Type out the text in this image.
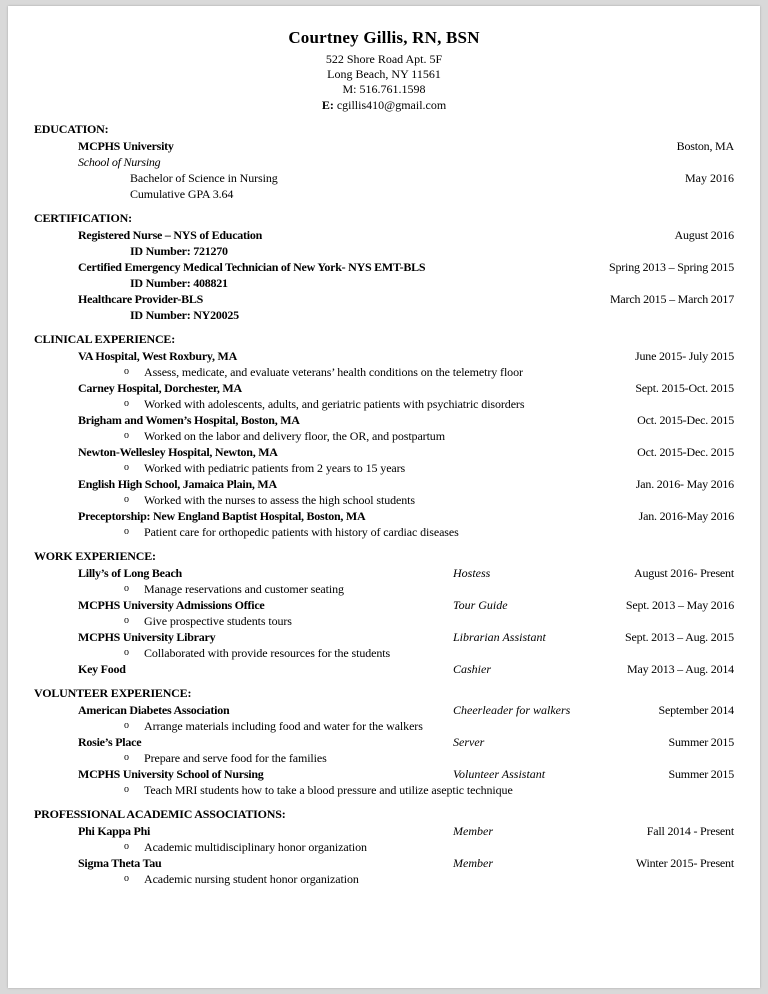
Courtney Gillis, RN, BSN
522 Shore Road Apt. 5F
Long Beach, NY 11561
M: 516.761.1598
E: cgillis410@gmail.com
EDUCATION:
MCPHS University	Boston, MA
School of Nursing
Bachelor of Science in Nursing	May 2016
Cumulative GPA 3.64
CERTIFICATION:
Registered Nurse – NYS of Education	August 2016
ID Number: 721270
Certified Emergency Medical Technician of New York- NYS EMT-BLS	Spring 2013 – Spring 2015
ID Number: 408821
Healthcare Provider-BLS	March 2015 – March 2017
ID Number: NY20025
CLINICAL EXPERIENCE:
VA Hospital, West Roxbury, MA	June 2015- July 2015
o	Assess, medicate, and evaluate veterans’ health conditions on the telemetry floor
Carney Hospital, Dorchester, MA	Sept. 2015-Oct. 2015
o	Worked with adolescents, adults, and geriatric patients with psychiatric disorders
Brigham and Women’s Hospital, Boston, MA	Oct. 2015-Dec. 2015
o	Worked on the labor and delivery floor, the OR, and postpartum
Newton-Wellesley Hospital, Newton, MA	Oct. 2015-Dec. 2015
o	Worked with pediatric patients from 2 years to 15 years
English High School, Jamaica Plain, MA	Jan. 2016- May 2016
o	Worked with the nurses to assess the high school students
Preceptorship: New England Baptist Hospital, Boston, MA	Jan. 2016-May 2016
o	Patient care for orthopedic patients with history of cardiac diseases
WORK EXPERIENCE:
Lilly’s of Long Beach	Hostess	August 2016- Present
o	Manage reservations and customer seating
MCPHS University Admissions Office	Tour Guide	Sept. 2013 – May 2016
o	Give prospective students tours
MCPHS University Library	Librarian Assistant	Sept. 2013 – Aug. 2015
o	Collaborated with provide resources for the students
Key Food	Cashier	May 2013 – Aug. 2014
VOLUNTEER EXPERIENCE:
American Diabetes Association	Cheerleader for walkers	September 2014
o	Arrange materials including food and water for the walkers
Rosie’s Place	Server	Summer 2015
o	Prepare and serve food for the families
MCPHS University School of Nursing	Volunteer Assistant	Summer 2015
o	Teach MRI students how to take a blood pressure and utilize aseptic technique
PROFESSIONAL ACADEMIC ASSOCIATIONS:
Phi Kappa Phi	Member	Fall 2014 - Present
o	Academic multidisciplinary honor organization
Sigma Theta Tau	Member	Winter 2015- Present
o	Academic nursing student honor organization
